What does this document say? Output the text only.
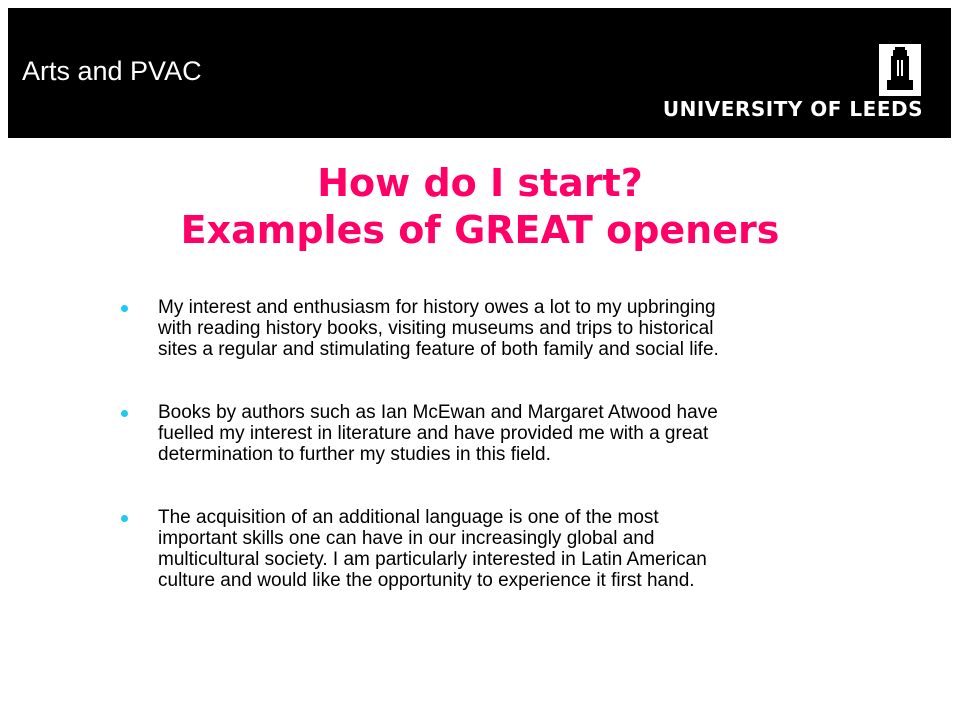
Arts and PVAC
UNIVERSITY OF LEEDS
How do I start?
Examples of GREAT openers
My interest and enthusiasm for history owes a lot to my upbringing
with reading history books, visiting museums and trips to historical
sites a regular and stimulating feature of both family and social life.
Books by authors such as Ian McEwan and Margaret Atwood have
fuelled my interest in literature and have provided me with a great
determination to further my studies in this field.
The acquisition of an additional language is one of the most
important skills one can have in our increasingly global and
multicultural society. I am particularly interested in Latin American
culture and would like the opportunity to experience it first hand.
